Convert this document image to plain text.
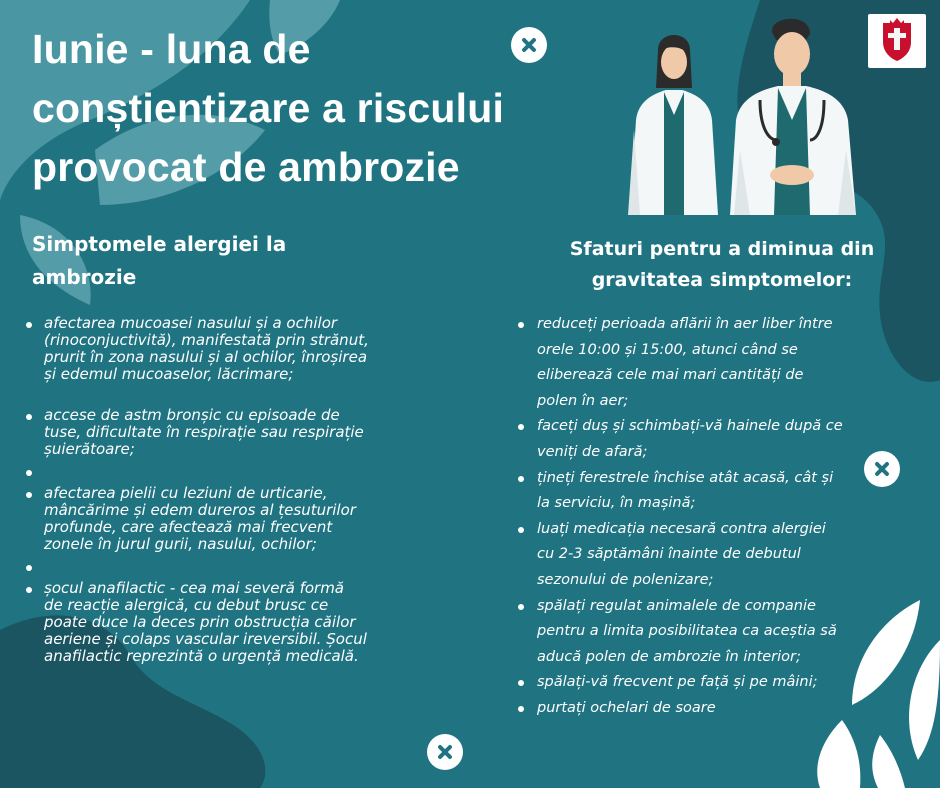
Iunie - luna de
conștientizare a riscului
provocat de ambrozie
Simptomele alergiei la
ambrozie
afectarea mucoasei nasului și a ochilor
(rinoconjuctivită), manifestată prin strănut,
prurit în zona nasului și al ochilor, înroșirea
și edemul mucoaselor, lăcrimare;
accese de astm bronșic cu episoade de
tuse, dificultate în respirație sau respirație
șuierătoare;
afectarea pielii cu leziuni de urticarie,
mâncărime și edem dureros al țesuturilor
profunde, care afectează mai frecvent
zonele în jurul gurii, nasului, ochilor;
șocul anafilactic - cea mai severă formă
de reacție alergică, cu debut brusc ce
poate duce la deces prin obstrucția căilor
aeriene și colaps vascular ireversibil. Șocul
anafilactic reprezintă o urgență medicală.
Sfaturi pentru a diminua din
gravitatea simptomelor:
reduceți perioada aflării în aer liber între
orele 10:00 și 15:00, atunci când se
eliberează cele mai mari cantități de
polen în aer;
faceți duș și schimbați-vă hainele după ce
veniți de afară;
țineți ferestrele închise atât acasă, cât și
la serviciu, în mașină;
luați medicația necesară contra alergiei
cu 2-3 săptămâni înainte de debutul
sezonului de polenizare;
spălați regulat animalele de companie
pentru a limita posibilitatea ca aceștia să
aducă polen de ambrozie în interior;
spălați-vă frecvent pe față și pe mâini;
purtați ochelari de soare
